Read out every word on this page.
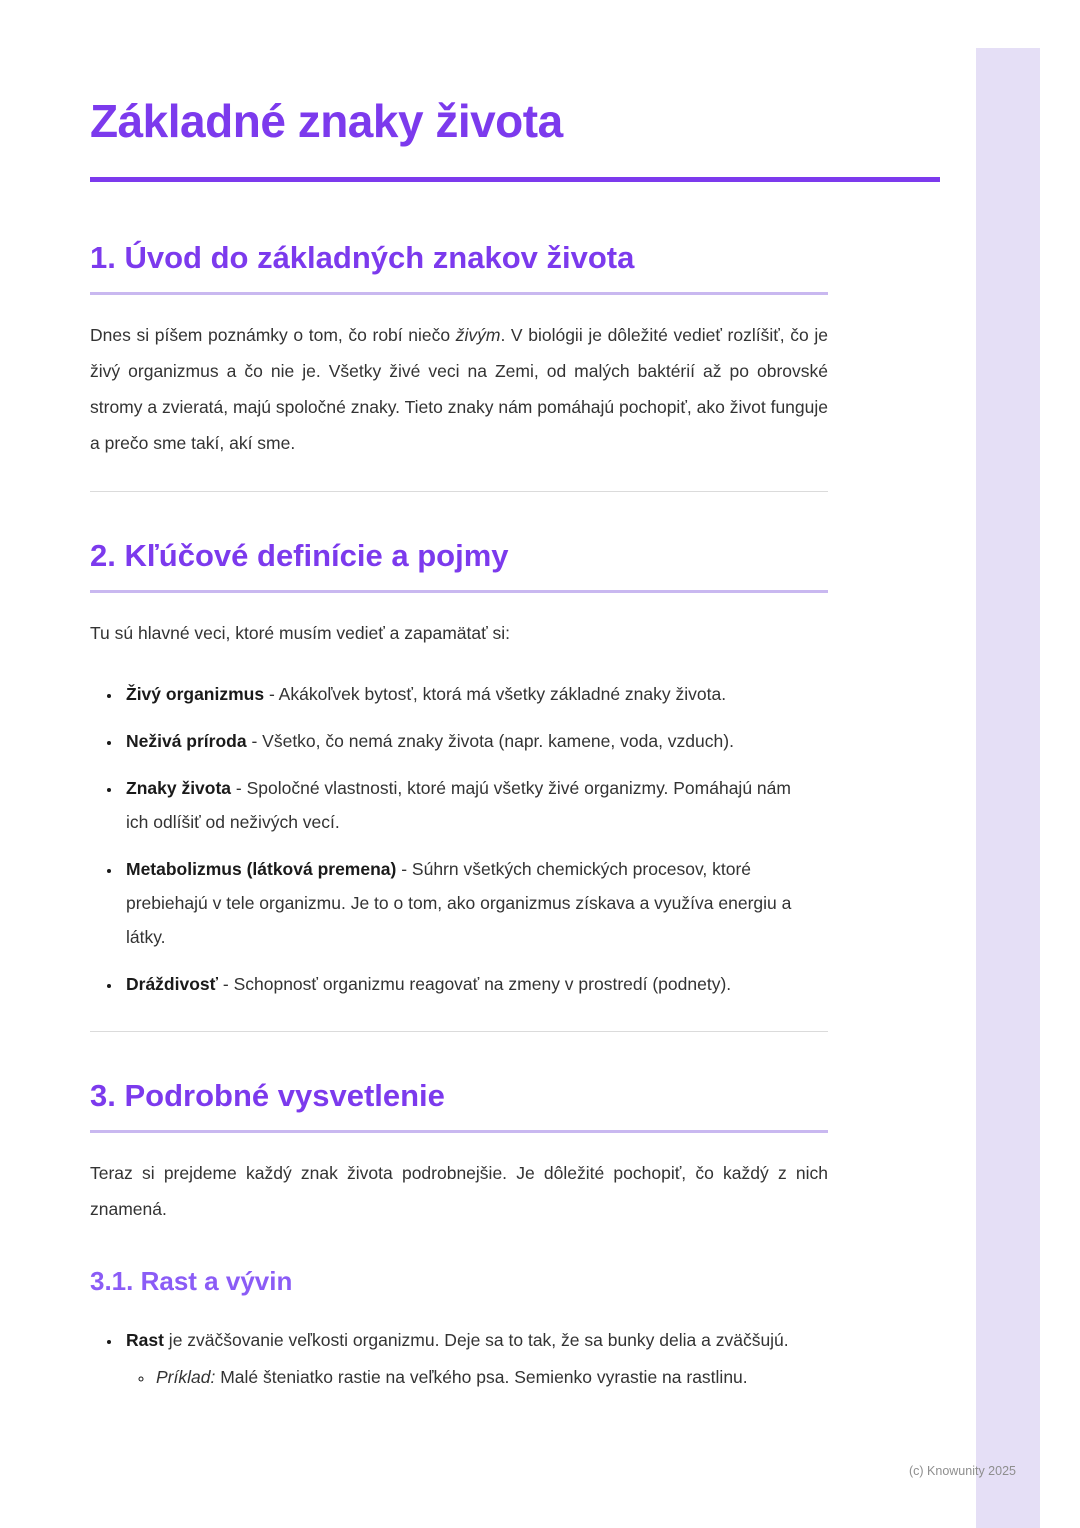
Základné znaky života
1. Úvod do základných znakov života

Dnes si píšem poznámky o tom, čo robí niečo živým. V biológii je dôležité vedieť rozlíšiť, čo je živý organizmus a čo nie je. Všetky živé veci na Zemi, od malých baktérií až po obrovské stromy a zvieratá, majú spoločné znaky. Tieto znaky nám pomáhajú pochopiť, ako život funguje a prečo sme takí, akí sme.

2. Kľúčové definície a pojmy

Tu sú hlavné veci, ktoré musím vedieť a zapamätať si:

• Živý organizmus - Akákoľvek bytosť, ktorá má všetky základné znaky života.
• Neživá príroda - Všetko, čo nemá znaky života (napr. kamene, voda, vzduch).
• Znaky života - Spoločné vlastnosti, ktoré majú všetky živé organizmy. Pomáhajú nám ich odlíšiť od neživých vecí.
• Metabolizmus (látková premena) - Súhrn všetkých chemických procesov, ktoré prebiehajú v tele organizmu. Je to o tom, ako organizmus získava a využíva energiu a látky.
• Dráždivosť - Schopnosť organizmu reagovať na zmeny v prostredí (podnety).
3. Podrobné vysvetlenie

Teraz si prejdeme každý znak života podrobnejšie. Je dôležité pochopiť, čo každý z nich znamená.

3.1. Rast a vývin
• Rast je zväčšovanie veľkosti organizmu. Deje sa to tak, že sa bunky delia a zväčšujú.
◦ Príklad: Malé šteniatko rastie na veľkého psa. Semienko vyrastie na rastlinu.
(c) Knowunity 2025
